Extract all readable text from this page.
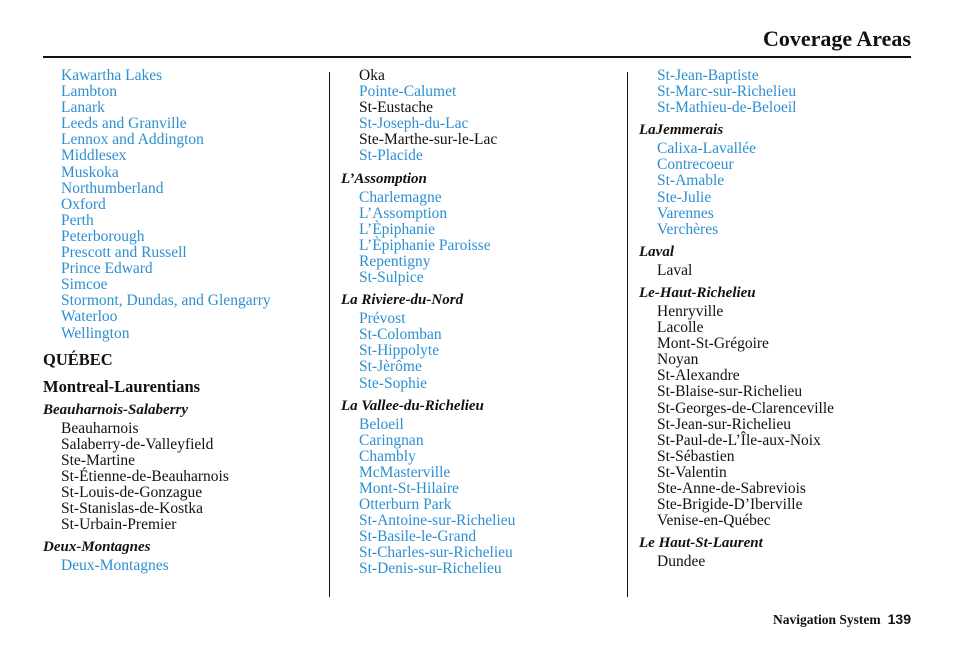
Coverage Areas
Kawartha Lakes
Lambton
Lanark
Leeds and Granville
Lennox and Addington
Middlesex
Muskoka
Northumberland
Oxford
Perth
Peterborough
Prescott and Russell
Prince Edward
Simcoe
Stormont, Dundas, and Glengarry
Waterloo
Wellington
QUÉBEC
Montreal-Laurentians
Beauharnois-Salaberry
Beauharnois
Salaberry-de-Valleyfield
Ste-Martine
St-Étienne-de-Beauharnois
St-Louis-de-Gonzague
St-Stanislas-de-Kostka
St-Urbain-Premier
Deux-Montagnes
Deux-Montagnes
Oka
Pointe-Calumet
St-Eustache
St-Joseph-du-Lac
Ste-Marthe-sur-le-Lac
St-Placide
L’Assomption
Charlemagne
L’Assomption
L’Èpiphanie
L’Èpiphanie Paroisse
Repentigny
St-Sulpice
La Riviere-du-Nord
Prévost
St-Colomban
St-Hippolyte
St-Jèrôme
Ste-Sophie
La Vallee-du-Richelieu
Beloeil
Caringnan
Chambly
McMasterville
Mont-St-Hilaire
Otterburn Park
St-Antoine-sur-Richelieu
St-Basile-le-Grand
St-Charles-sur-Richelieu
St-Denis-sur-Richelieu
St-Jean-Baptiste
St-Marc-sur-Richelieu
St-Mathieu-de-Beloeil
LaJemmerais
Calixa-Lavallée
Contrecoeur
St-Amable
Ste-Julie
Varennes
Verchères
Laval
Laval
Le-Haut-Richelieu
Henryville
Lacolle
Mont-St-Grégoire
Noyan
St-Alexandre
St-Blaise-sur-Richelieu
St-Georges-de-Clarenceville
St-Jean-sur-Richelieu
St-Paul-de-L’Île-aux-Noix
St-Sébastien
St-Valentin
Ste-Anne-de-Sabreviois
Ste-Brigide-D’Iberville
Venise-en-Québec
Le Haut-St-Laurent
Dundee
Navigation System 139
